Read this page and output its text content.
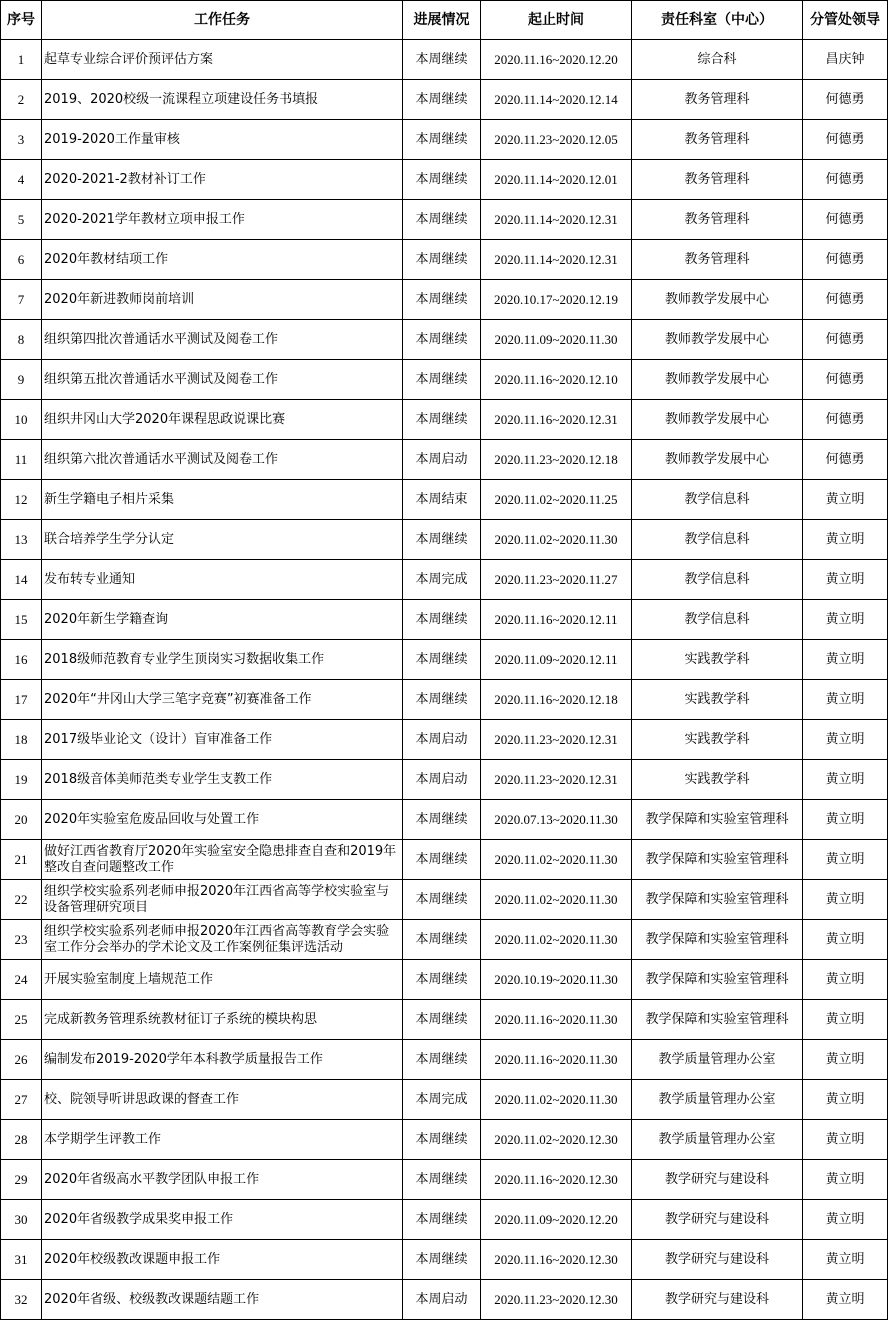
序号	工作任务	进展情况	起止时间	责任科室（中心）	分管处领导
1	起草专业综合评价预评估方案	本周继续	2020.11.16~2020.12.20	综合科	昌庆钟
2	2019、2020校级一流课程立项建设任务书填报	本周继续	2020.11.14~2020.12.14	教务管理科	何德勇
3	2019-2020工作量审核	本周继续	2020.11.23~2020.12.05	教务管理科	何德勇
4	2020-2021-2教材补订工作	本周继续	2020.11.14~2020.12.01	教务管理科	何德勇
5	2020-2021学年教材立项申报工作	本周继续	2020.11.14~2020.12.31	教务管理科	何德勇
6	2020年教材结项工作	本周继续	2020.11.14~2020.12.31	教务管理科	何德勇
7	2020年新进教师岗前培训	本周继续	2020.10.17~2020.12.19	教师教学发展中心	何德勇
8	组织第四批次普通话水平测试及阅卷工作	本周继续	2020.11.09~2020.11.30	教师教学发展中心	何德勇
9	组织第五批次普通话水平测试及阅卷工作	本周继续	2020.11.16~2020.12.10	教师教学发展中心	何德勇
10	组织井冈山大学2020年课程思政说课比赛	本周继续	2020.11.16~2020.12.31	教师教学发展中心	何德勇
11	组织第六批次普通话水平测试及阅卷工作	本周启动	2020.11.23~2020.12.18	教师教学发展中心	何德勇
12	新生学籍电子相片采集	本周结束	2020.11.02~2020.11.25	教学信息科	黄立明
13	联合培养学生学分认定	本周继续	2020.11.02~2020.11.30	教学信息科	黄立明
14	发布转专业通知	本周完成	2020.11.23~2020.11.27	教学信息科	黄立明
15	2020年新生学籍查询	本周继续	2020.11.16~2020.12.11	教学信息科	黄立明
16	2018级师范教育专业学生顶岗实习数据收集工作	本周继续	2020.11.09~2020.12.11	实践教学科	黄立明
17	2020年“井冈山大学三笔字竞赛”初赛准备工作	本周继续	2020.11.16~2020.12.18	实践教学科	黄立明
18	2017级毕业论文（设计）盲审准备工作	本周启动	2020.11.23~2020.12.31	实践教学科	黄立明
19	2018级音体美师范类专业学生支教工作	本周启动	2020.11.23~2020.12.31	实践教学科	黄立明
20	2020年实验室危废品回收与处置工作	本周继续	2020.07.13~2020.11.30	教学保障和实验室管理科	黄立明
21	做好江西省教育厅2020年实验室安全隐患排查自查和2019年整改自查问题整改工作	本周继续	2020.11.02~2020.11.30	教学保障和实验室管理科	黄立明
22	组织学校实验系列老师申报2020年江西省高等学校实验室与设备管理研究项目	本周继续	2020.11.02~2020.11.30	教学保障和实验室管理科	黄立明
23	组织学校实验系列老师申报2020年江西省高等教育学会实验室工作分会举办的学术论文及工作案例征集评选活动	本周继续	2020.11.02~2020.11.30	教学保障和实验室管理科	黄立明
24	开展实验室制度上墙规范工作	本周继续	2020.10.19~2020.11.30	教学保障和实验室管理科	黄立明
25	完成新教务管理系统教材征订子系统的模块构思	本周继续	2020.11.16~2020.11.30	教学保障和实验室管理科	黄立明
26	编制发布2019-2020学年本科教学质量报告工作	本周继续	2020.11.16~2020.11.30	教学质量管理办公室	黄立明
27	校、院领导听讲思政课的督查工作	本周完成	2020.11.02~2020.11.30	教学质量管理办公室	黄立明
28	本学期学生评教工作	本周继续	2020.11.02~2020.12.30	教学质量管理办公室	黄立明
29	2020年省级高水平教学团队申报工作	本周继续	2020.11.16~2020.12.30	教学研究与建设科	黄立明
30	2020年省级教学成果奖申报工作	本周继续	2020.11.09~2020.12.20	教学研究与建设科	黄立明
31	2020年校级教改课题申报工作	本周继续	2020.11.16~2020.12.30	教学研究与建设科	黄立明
32	2020年省级、校级教改课题结题工作	本周启动	2020.11.23~2020.12.30	教学研究与建设科	黄立明
